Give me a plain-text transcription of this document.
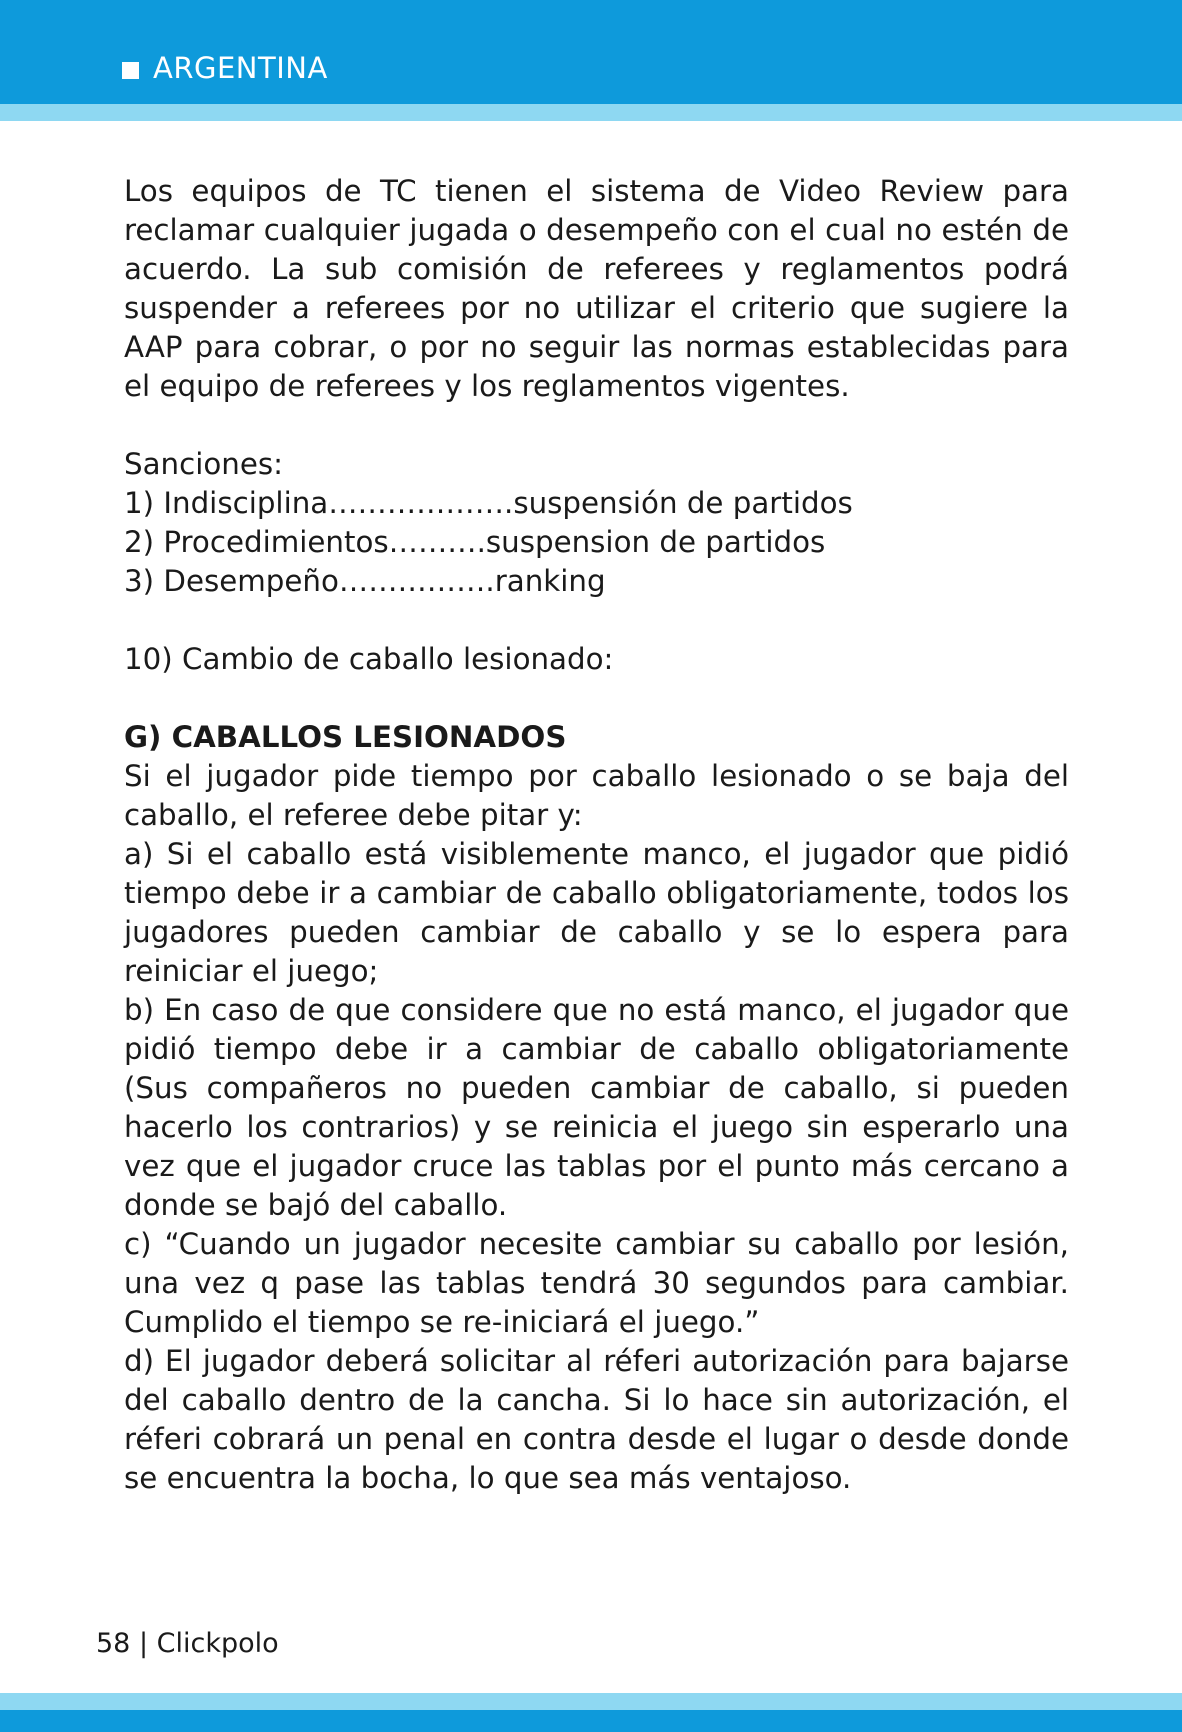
ARGENTINA

Los equipos de TC tienen el sistema de Video Review para reclamar cualquier jugada o desempeño con el cual no estén de acuerdo. La sub comisión de referees y reglamentos podrá suspender a referees por no utilizar el criterio que sugiere la AAP para cobrar, o por no seguir las normas establecidas para el equipo de referees y los reglamentos vigentes.

Sanciones:
1) Indisciplina……………….suspensión de partidos
2) Procedimientos……….suspension de partidos
3) Desempeño…………….ranking
10) Cambio de caballo lesionado:
G) CABALLOS LESIONADOS

Si el jugador pide tiempo por caballo lesionado o se baja del caballo, el referee debe pitar y:

a) Si el caballo está visiblemente manco, el jugador que pidió tiempo debe ir a cambiar de caballo obligatoriamente, todos los jugadores pueden cambiar de caballo y se lo espera para reiniciar el juego;

b) En caso de que considere que no está manco, el jugador que pidió tiempo debe ir a cambiar de caballo obligatoriamente (Sus compañeros no pueden cambiar de caballo, si pueden hacerlo los contrarios) y se reinicia el juego sin esperarlo una vez que el jugador cruce las tablas por el punto más cercano a donde se bajó del caballo.

c) “Cuando un jugador necesite cambiar su caballo por lesión, una vez q pase las tablas tendrá 30 segundos para cambiar. Cumplido el tiempo se re-iniciará el juego.”

d) El jugador deberá solicitar al réferi autorización para bajarse del caballo dentro de la cancha. Si lo hace sin autorización, el réferi cobrará un penal en contra desde el lugar o desde donde se encuentra la bocha, lo que sea más ventajoso.

58 | Clickpolo
